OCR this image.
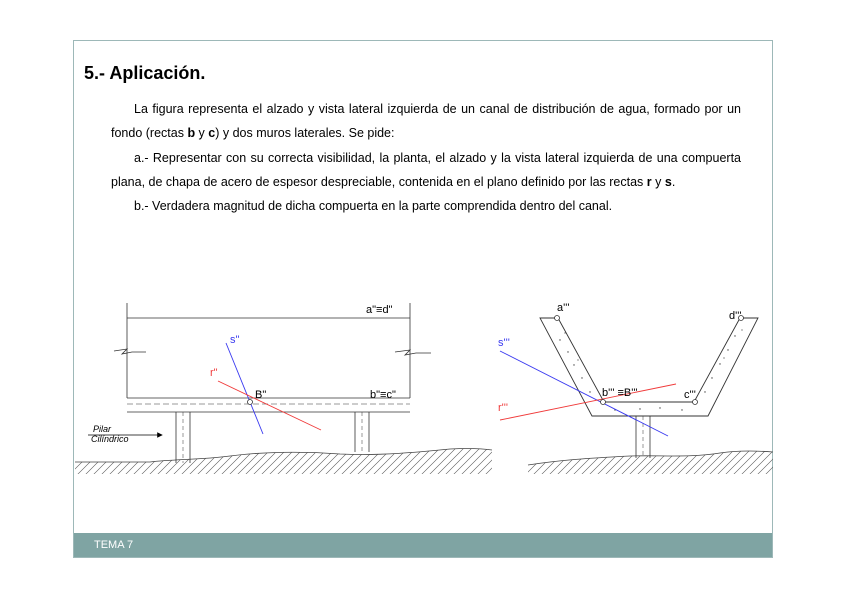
5.- Aplicación.

La figura representa el alzado y vista lateral izquierda de un canal de distribución de agua, formado por un fondo (rectas b y c) y dos muros laterales. Se pide:

a.- Representar con su correcta visibilidad, la planta, el alzado y la vista lateral izquierda de una compuerta plana, de chapa de acero de espesor despreciable, contenida en el plano definido por las rectas r y s.

b.- Verdadera magnitud de dicha compuerta en la parte comprendida dentro del canal.

TEMA 7
a"≡d"
s"
r"
B"	b"≡c"
Pilar
Cilíndrico
a'''
d'''
s'''
r'''
b''' ≡B'''	c'''
